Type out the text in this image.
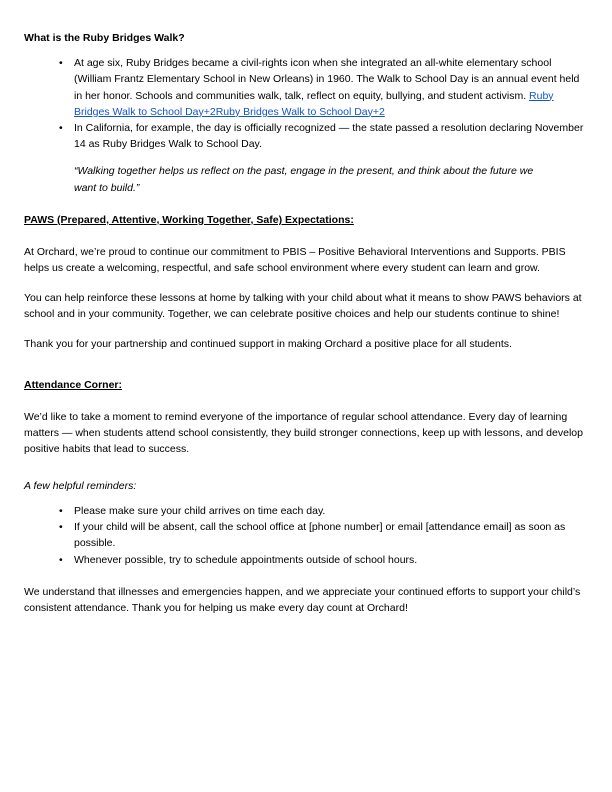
What is the Ruby Bridges Walk?
• At age six, Ruby Bridges became a civil-rights icon when she integrated an all-white elementary school (William Frantz Elementary School in New Orleans) in 1960. The Walk to School Day is an annual event held in her honor. Schools and communities walk, talk, reflect on equity, bullying, and student activism. Ruby Bridges Walk to School Day+2Ruby Bridges Walk to School Day+2
• In California, for example, the day is officially recognized — the state passed a resolution declaring November 14 as Ruby Bridges Walk to School Day.
“Walking together helps us reflect on the past, engage in the present, and think about the future we want to build.”
PAWS (Prepared, Attentive, Working Together, Safe) Expectations:

At Orchard, we’re proud to continue our commitment to PBIS – Positive Behavioral Interventions and Supports. PBIS helps us create a welcoming, respectful, and safe school environment where every student can learn and grow.

You can help reinforce these lessons at home by talking with your child about what it means to show PAWS behaviors at school and in your community. Together, we can celebrate positive choices and help our students continue to shine!

Thank you for your partnership and continued support in making Orchard a positive place for all students.

Attendance Corner:

We’d like to take a moment to remind everyone of the importance of regular school attendance. Every day of learning matters — when students attend school consistently, they build stronger connections, keep up with lessons, and develop positive habits that lead to success.

A few helpful reminders:

• Please make sure your child arrives on time each day.
• If your child will be absent, call the school office at [phone number] or email [attendance email] as soon as possible.
• Whenever possible, try to schedule appointments outside of school hours.

We understand that illnesses and emergencies happen, and we appreciate your continued efforts to support your child’s consistent attendance. Thank you for helping us make every day count at Orchard!
